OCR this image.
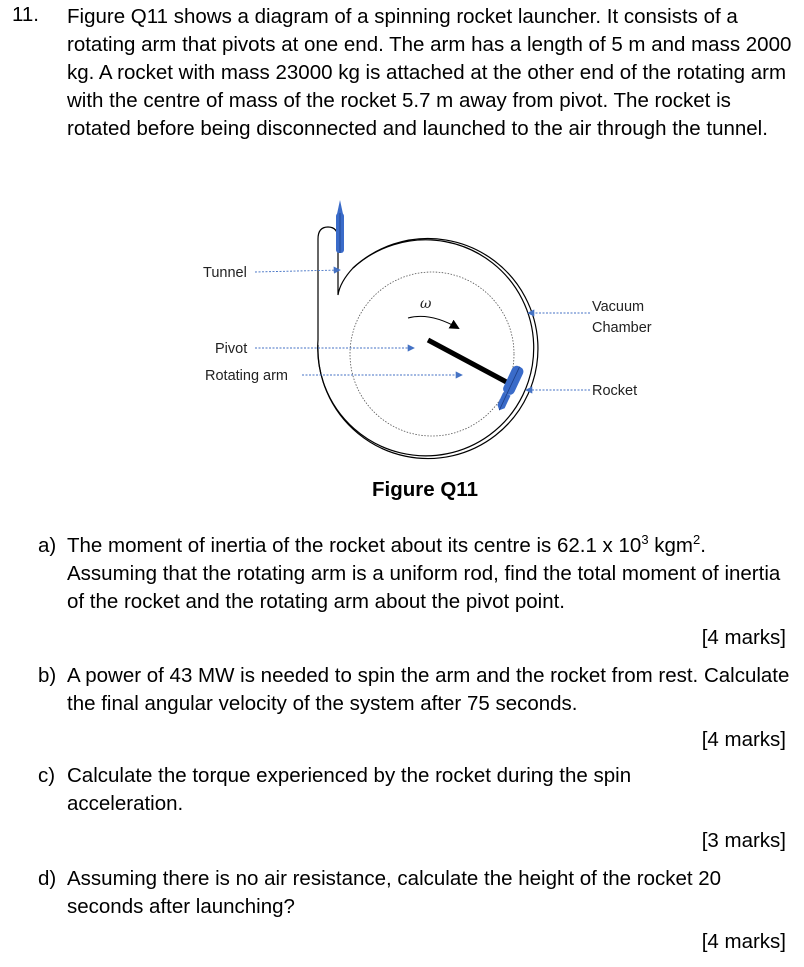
11. Figure Q11 shows a diagram of a spinning rocket launcher. It consists of a rotating arm that pivots at one end. The arm has a length of 5 m and mass 2000 kg. A rocket with mass 23000 kg is attached at the other end of the rotating arm with the centre of mass of the rocket 5.7 m away from pivot. The rocket is rotated before being disconnected and launched to the air through the tunnel.

ω
Tunnel
Pivot
Rotating arm
Vacuum
Chamber
Rocket
Figure Q11
a) The moment of inertia of the rocket about its centre is 62.1 x $10^3$ kgm$^2$. Assuming that the rotating arm is a uniform rod, find the total moment of inertia of the rocket and the rotating arm about the pivot point.
[4 marks]
b) A power of 43 MW is needed to spin the arm and the rocket from rest. Calculate the final angular velocity of the system after 75 seconds.
[4 marks]
c) Calculate the torque experienced by the rocket during the spin acceleration.
[3 marks]
d) Assuming there is no air resistance, calculate the height of the rocket 20 seconds after launching?
[4 marks]
